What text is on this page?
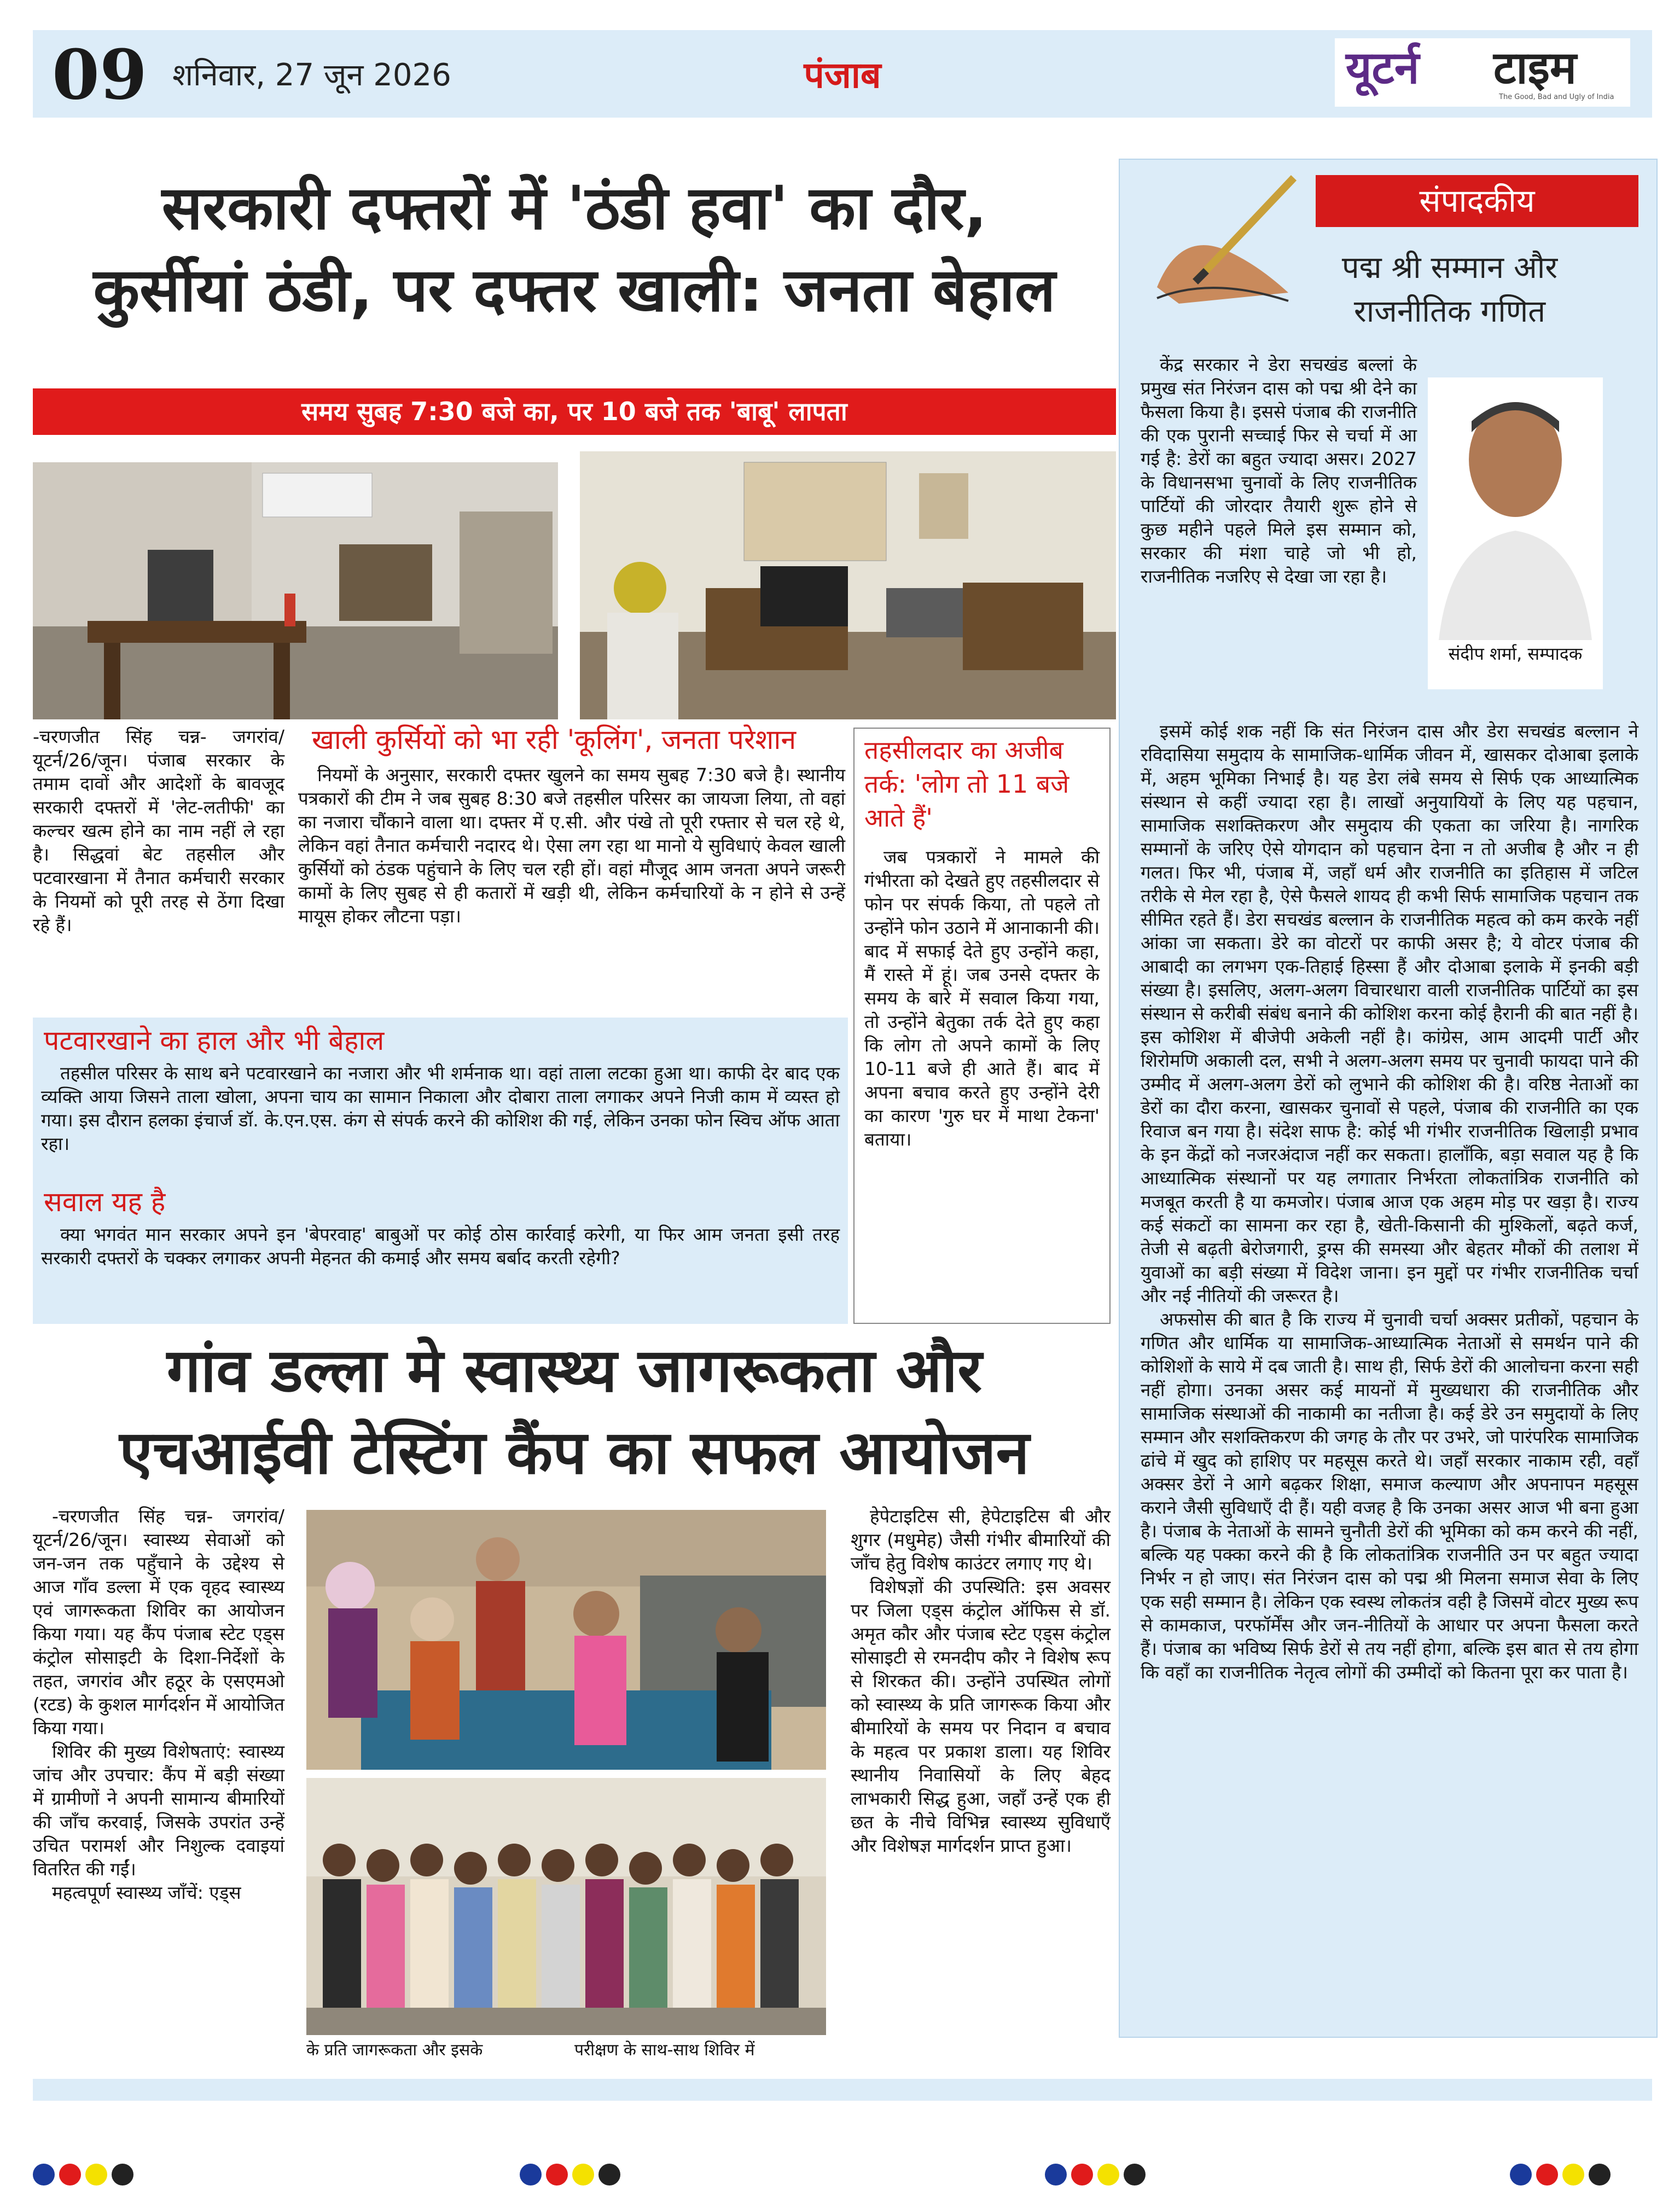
09 शनिवार, 27 जून 2026	पंजाब	यूटर्न टाइम
The Good, Bad and Ugly of India
सरकारी दफ्तरों में 'ठंडी हवा' का दौर,
कुर्सीयां ठंडी, पर दफ्तर खाली: जनता बेहाल
समय सुबह 7:30 बजे का, पर 10 बजे तक 'बाबू' लापता
-चरणजीत सिंह चन्न- जगरांव/यूटर्न/26/जून। पंजाब सरकार के तमाम दावों और आदेशों के बावजूद सरकारी दफ्तरों में 'लेट-लतीफी' का कल्चर खत्म होने का नाम नहीं ले रहा है। सिद्धवां बेट तहसील और पटवारखाना में तैनात कर्मचारी सरकार के नियमों को पूरी तरह से ठेंगा दिखा रहे हैं।
खाली कुर्सियों को भा रही 'कूलिंग', जनता परेशान

नियमों के अनुसार, सरकारी दफ्तर खुलने का समय सुबह 7:30 बजे है। स्थानीय पत्रकारों की टीम ने जब सुबह 8:30 बजे तहसील परिसर का जायजा लिया, तो वहां का नजारा चौंकाने वाला था। दफ्तर में ए.सी. और पंखे तो पूरी रफ्तार से चल रहे थे, लेकिन वहां तैनात कर्मचारी नदारद थे। ऐसा लग रहा था मानो ये सुविधाएं केवल खाली कुर्सियों को ठंडक पहुंचाने के लिए चल रही हों। वहां मौजूद आम जनता अपने जरूरी कामों के लिए सुबह से ही कतारों में खड़ी थी, लेकिन कर्मचारियों के न होने से उन्हें मायूस होकर लौटना पड़ा।

पटवारखाने का हाल और भी बेहाल

तहसील परिसर के साथ बने पटवारखाने का नजारा और भी शर्मनाक था। वहां ताला लटका हुआ था। काफी देर बाद एक व्यक्ति आया जिसने ताला खोला, अपना चाय का सामान निकाला और दोबारा ताला लगाकर अपने निजी काम में व्यस्त हो गया। इस दौरान हलका इंचार्ज डॉ. के.एन.एस. कंग से संपर्क करने की कोशिश की गई, लेकिन उनका फोन स्विच ऑफ आता रहा।

सवाल यह है

क्या भगवंत मान सरकार अपने इन 'बेपरवाह' बाबुओं पर कोई ठोस कार्रवाई करेगी, या फिर आम जनता इसी तरह सरकारी दफ्तरों के चक्कर लगाकर अपनी मेहनत की कमाई और समय बर्बाद करती रहेगी?

तहसीलदार का अजीब तर्क: 'लोग तो 11 बजे आते हैं'

जब पत्रकारों ने मामले की गंभीरता को देखते हुए तहसीलदार से फोन पर संपर्क किया, तो पहले तो उन्होंने फोन उठाने में आनाकानी की। बाद में सफाई देते हुए उन्होंने कहा, मैं रास्ते में हूं। जब उनसे दफ्तर के समय के बारे में सवाल किया गया, तो उन्होंने बेतुका तर्क देते हुए कहा कि लोग तो अपने कामों के लिए 10-11 बजे ही आते हैं। बाद में अपना बचाव करते हुए उन्होंने देरी का कारण 'गुरु घर में माथा टेकना' बताया।

गांव डल्ला मे स्वास्थ्य जागरूकता और
एचआईवी टेस्टिंग कैंप का सफल आयोजन

-चरणजीत सिंह चन्न- जगरांव/यूटर्न/26/जून। स्वास्थ्य सेवाओं को जन-जन तक पहुँचाने के उद्देश्य से आज गाँव डल्ला में एक वृहद स्वास्थ्य एवं जागरूकता शिविर का आयोजन किया गया। यह कैंप पंजाब स्टेट एड्स कंट्रोल सोसाइटी के दिशा-निर्देशों के तहत, जगरांव और हठूर के एसएमओ (रटड) के कुशल मार्गदर्शन में आयोजित किया गया।

शिविर की मुख्य विशेषताएं: स्वास्थ्य जांच और उपचार: कैंप में बड़ी संख्या में ग्रामीणों ने अपनी सामान्य बीमारियों की जाँच करवाई, जिसके उपरांत उन्हें उचित परामर्श और निशुल्क दवाइयां वितरित की गईं।

महत्वपूर्ण स्वास्थ्य जाँचें: एड्स

के प्रति जागरूकता और इसके	परीक्षण के साथ-साथ शिविर में

हेपेटाइटिस सी, हेपेटाइटिस बी और शुगर (मधुमेह) जैसी गंभीर बीमारियों की जाँच हेतु विशेष काउंटर लगाए गए थे।

विशेषज्ञों की उपस्थिति: इस अवसर पर जिला एड्स कंट्रोल ऑफिस से डॉ. अमृत कौर और पंजाब स्टेट एड्स कंट्रोल सोसाइटी से रमनदीप कौर ने विशेष रूप से शिरकत की। उन्होंने उपस्थित लोगों को स्वास्थ्य के प्रति जागरूक किया और बीमारियों के समय पर निदान व बचाव के महत्व पर प्रकाश डाला। यह शिविर स्थानीय निवासियों के लिए बेहद लाभकारी सिद्ध हुआ, जहाँ उन्हें एक ही छत के नीचे विभिन्न स्वास्थ्य सुविधाएँ और विशेषज्ञ मार्गदर्शन प्राप्त हुआ।

संपादकीय
पद्म श्री सम्मान और
राजनीतिक गणित
संदीप शर्मा, सम्पादक

केंद्र सरकार ने डेरा सचखंड बल्लां के प्रमुख संत निरंजन दास को पद्म श्री देने का फैसला किया है। इससे पंजाब की राजनीति की एक पुरानी सच्चाई फिर से चर्चा में आ गई है: डेरों का बहुत ज्यादा असर। 2027 के विधानसभा चुनावों के लिए राजनीतिक पार्टियों की जोरदार तैयारी शुरू होने से कुछ महीने पहले मिले इस सम्मान को, सरकार की मंशा चाहे जो भी हो, राजनीतिक नजरिए से देखा जा रहा है।

इसमें कोई शक नहीं कि संत निरंजन दास और डेरा सचखंड बल्लान ने रविदासिया समुदाय के सामाजिक-धार्मिक जीवन में, खासकर दोआबा इलाके में, अहम भूमिका निभाई है। यह डेरा लंबे समय से सिर्फ एक आध्यात्मिक संस्थान से कहीं ज्यादा रहा है। लाखों अनुयायियों के लिए यह पहचान, सामाजिक सशक्तिकरण और समुदाय की एकता का जरिया है। नागरिक सम्मानों के जरिए ऐसे योगदान को पहचान देना न तो अजीब है और न ही गलत। फिर भी, पंजाब में, जहाँ धर्म और राजनीति का इतिहास में जटिल तरीके से मेल रहा है, ऐसे फैसले शायद ही कभी सिर्फ सामाजिक पहचान तक सीमित रहते हैं। डेरा सचखंड बल्लान के राजनीतिक महत्व को कम करके नहीं आंका जा सकता। डेरे का वोटरों पर काफी असर है; ये वोटर पंजाब की आबादी का लगभग एक-तिहाई हिस्सा हैं और दोआबा इलाके में इनकी बड़ी संख्या है। इसलिए, अलग-अलग विचारधारा वाली राजनीतिक पार्टियों का इस संस्थान से करीबी संबंध बनाने की कोशिश करना कोई हैरानी की बात नहीं है। इस कोशिश में बीजेपी अकेली नहीं है। कांग्रेस, आम आदमी पार्टी और शिरोमणि अकाली दल, सभी ने अलग-अलग समय पर चुनावी फायदा पाने की उम्मीद में अलग-अलग डेरों को लुभाने की कोशिश की है। वरिष्ठ नेताओं का डेरों का दौरा करना, खासकर चुनावों से पहले, पंजाब की राजनीति का एक रिवाज बन गया है। संदेश साफ है: कोई भी गंभीर राजनीतिक खिलाड़ी प्रभाव के इन केंद्रों को नजरअंदाज नहीं कर सकता। हालाँकि, बड़ा सवाल यह है कि आध्यात्मिक संस्थानों पर यह लगातार निर्भरता लोकतांत्रिक राजनीति को मजबूत करती है या कमजोर। पंजाब आज एक अहम मोड़ पर खड़ा है। राज्य कई संकटों का सामना कर रहा है, खेती-किसानी की मुश्किलों, बढ़ते कर्ज, तेजी से बढ़ती बेरोजगारी, ड्रग्स की समस्या और बेहतर मौकों की तलाश में युवाओं का बड़ी संख्या में विदेश जाना। इन मुद्दों पर गंभीर राजनीतिक चर्चा और नई नीतियों की जरूरत है।

अफसोस की बात है कि राज्य में चुनावी चर्चा अक्सर प्रतीकों, पहचान के गणित और धार्मिक या सामाजिक-आध्यात्मिक नेताओं से समर्थन पाने की कोशिशों के साये में दब जाती है। साथ ही, सिर्फ डेरों की आलोचना करना सही नहीं होगा। उनका असर कई मायनों में मुख्यधारा की राजनीतिक और सामाजिक संस्थाओं की नाकामी का नतीजा है। कई डेरे उन समुदायों के लिए सम्मान और सशक्तिकरण की जगह के तौर पर उभरे, जो पारंपरिक सामाजिक ढांचे में खुद को हाशिए पर महसूस करते थे। जहाँ सरकार नाकाम रही, वहाँ अक्सर डेरों ने आगे बढ़कर शिक्षा, समाज कल्याण और अपनापन महसूस कराने जैसी सुविधाएँ दी हैं। यही वजह है कि उनका असर आज भी बना हुआ है। पंजाब के नेताओं के सामने चुनौती डेरों की भूमिका को कम करने की नहीं, बल्कि यह पक्का करने की है कि लोकतांत्रिक राजनीति उन पर बहुत ज्यादा निर्भर न हो जाए। संत निरंजन दास को पद्म श्री मिलना समाज सेवा के लिए एक सही सम्मान है। लेकिन एक स्वस्थ लोकतंत्र वही है जिसमें वोटर मुख्य रूप से कामकाज, परफॉर्मेंस और जन-नीतियों के आधार पर अपना फैसला करते हैं। पंजाब का भविष्य सिर्फ डेरों से तय नहीं होगा, बल्कि इस बात से तय होगा कि वहाँ का राजनीतिक नेतृत्व लोगों की उम्मीदों को कितना पूरा कर पाता है।
